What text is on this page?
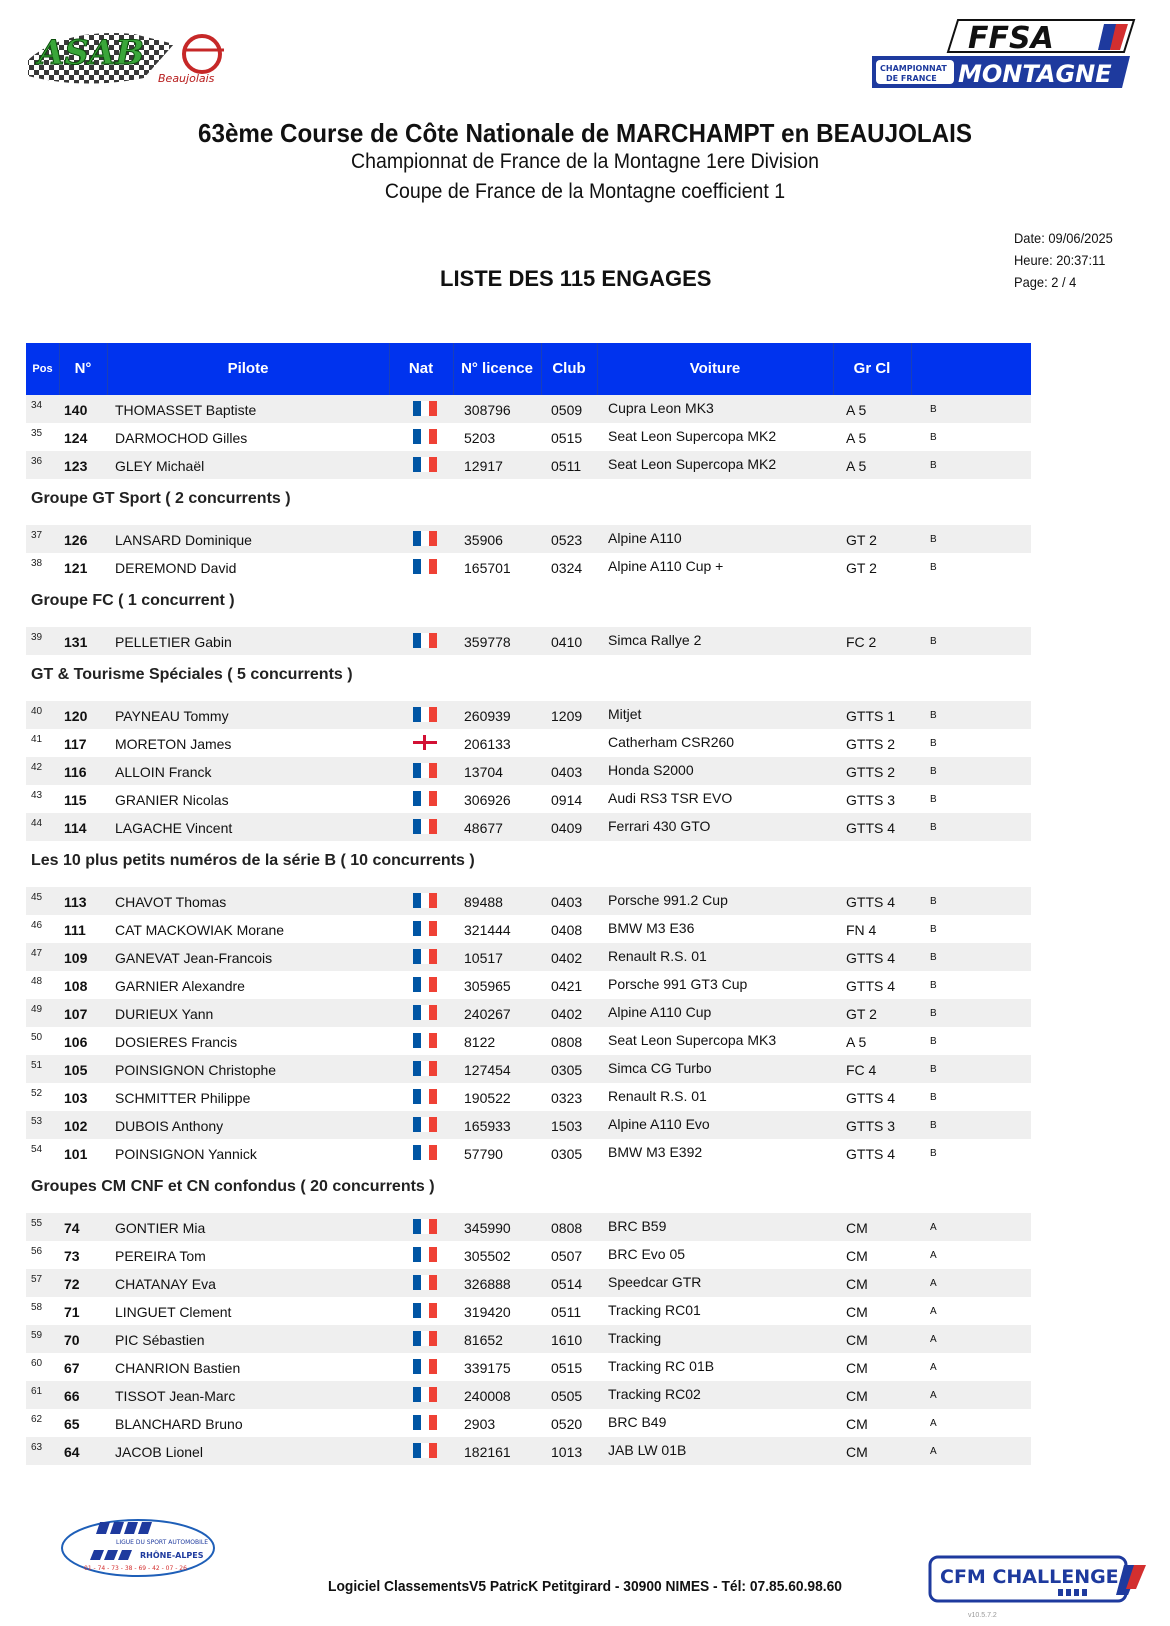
ASAB
Beaujolais
FFSA
CHAMPIONNAT
DE FRANCE MONTAGNE
63ème Course de Côte Nationale de MARCHAMPT en BEAUJOLAIS
Championnat de France de la Montagne 1ere Division
Coupe de France de la Montagne coefficient 1
Date: 09/06/2025
Heure: 20:37:11
Page: 2 / 4
LISTE DES 115 ENGAGES
Pos	N°	Pilote	Nat	N° licence	Club	Voiture	Gr Cl
34 140 THOMASSET Baptiste	308796	0509 Cupra Leon MK3	A 5	B
35 124 DARMOCHOD Gilles	5203	0515 Seat Leon Supercopa MK2	A 5	B
36 123 GLEY Michaël	12917	0511 Seat Leon Supercopa MK2	A 5	B
Groupe GT Sport ( 2 concurrents )
37 126 LANSARD Dominique	35906	0523 Alpine A110	GT 2	B
38 121 DEREMOND David	165701	0324 Alpine A110 Cup +	GT 2	B
Groupe FC ( 1 concurrent )
39 131 PELLETIER Gabin	359778	0410 Simca Rallye 2	FC 2	B
GT & Tourisme Spéciales ( 5 concurrents )
40 120 PAYNEAU Tommy	260939	1209 Mitjet	GTTS 1	B
41 117 MORETON James	206133	Catherham CSR260	GTTS 2	B
42 116 ALLOIN Franck	13704	0403 Honda S2000	GTTS 2	B
43 115 GRANIER Nicolas	306926	0914 Audi RS3 TSR EVO	GTTS 3	B
44 114 LAGACHE Vincent	48677	0409 Ferrari 430 GTO	GTTS 4	B
Les 10 plus petits numéros de la série B ( 10 concurrents )
45 113 CHAVOT Thomas	89488	0403 Porsche 991.2 Cup	GTTS 4	B
46 111 CAT MACKOWIAK Morane	321444	0408 BMW M3 E36	FN 4	B
47 109 GANEVAT Jean-Francois	10517	0402 Renault R.S. 01	GTTS 4	B
48 108 GARNIER Alexandre	305965	0421 Porsche 991 GT3 Cup	GTTS 4	B
49 107 DURIEUX Yann	240267	0402 Alpine A110 Cup	GT 2	B
50 106 DOSIERES Francis	8122	0808 Seat Leon Supercopa MK3	A 5	B
51 105 POINSIGNON Christophe	127454	0305 Simca CG Turbo	FC 4	B
52 103 SCHMITTER Philippe	190522	0323 Renault R.S. 01	GTTS 4	B
53 102 DUBOIS Anthony	165933	1503 Alpine A110 Evo	GTTS 3	B
54 101 POINSIGNON Yannick	57790	0305 BMW M3 E392	GTTS 4	B
Groupes CM CNF et CN confondus ( 20 concurrents )
55 74	GONTIER Mia	345990	0808 BRC B59	CM	A
56 73	PEREIRA Tom	305502	0507 BRC Evo 05	CM	A
57 72	CHATANAY Eva	326888	0514 Speedcar GTR	CM	A
58 71	LINGUET Clement	319420	0511 Tracking RC01	CM	A
59 70	PIC Sébastien	81652	1610 Tracking	CM	A
60 67	CHANRION Bastien	339175	0515 Tracking RC 01B	CM	A
61 66	TISSOT Jean-Marc	240008	0505 Tracking RC02	CM	A
62 65	BLANCHARD Bruno	2903	0520 BRC B49	CM	A
63 64	JACOB Lionel	182161	1013 JAB LW 01B	CM	A
LIGUE DU SPORT AUTOMOBILE
RHÔNE-ALPES
01 - 74 - 73 - 38 - 69 - 42 - 07 - 26
Logiciel ClassementsV5 PatricK Petitgirard - 30900 NIMES - Tél: 07.85.60.98.60	CFM CHALLENGE
v10.5.7.2
